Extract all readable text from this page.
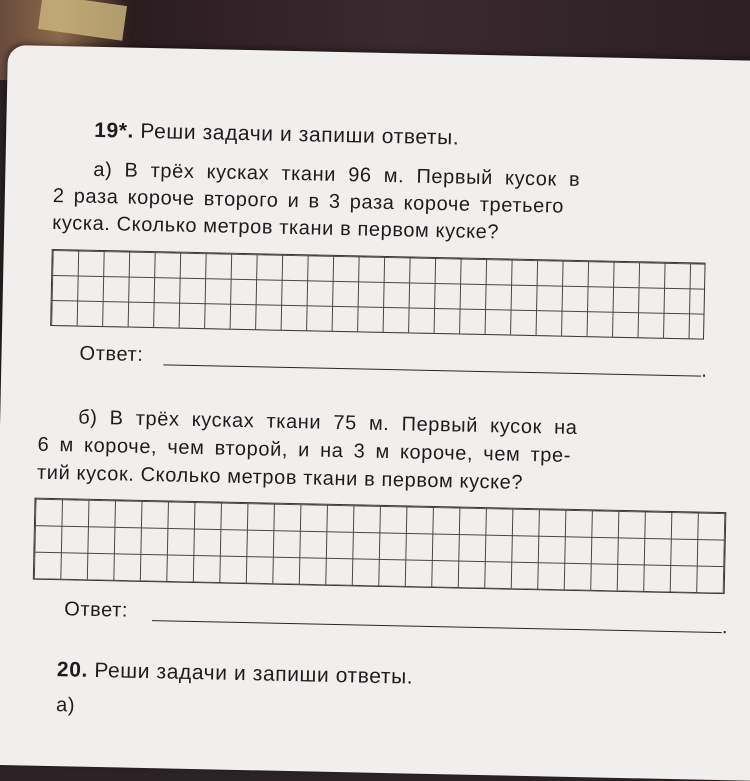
19*. Реши задачи и запиши ответы.
а) В трёх кусках ткани 96 м. Первый кусок в
2 раза короче второго и в 3 раза короче третьего
куска. Сколько метров ткани в первом куске?
Ответ:
.
б) В трёх кусках ткани 75 м. Первый кусок на
6 м короче, чем второй, и на 3 м короче, чем тре-
тий кусок. Сколько метров ткани в первом куске?
Ответ:
.
20. Реши задачи и запиши ответы.
а)
